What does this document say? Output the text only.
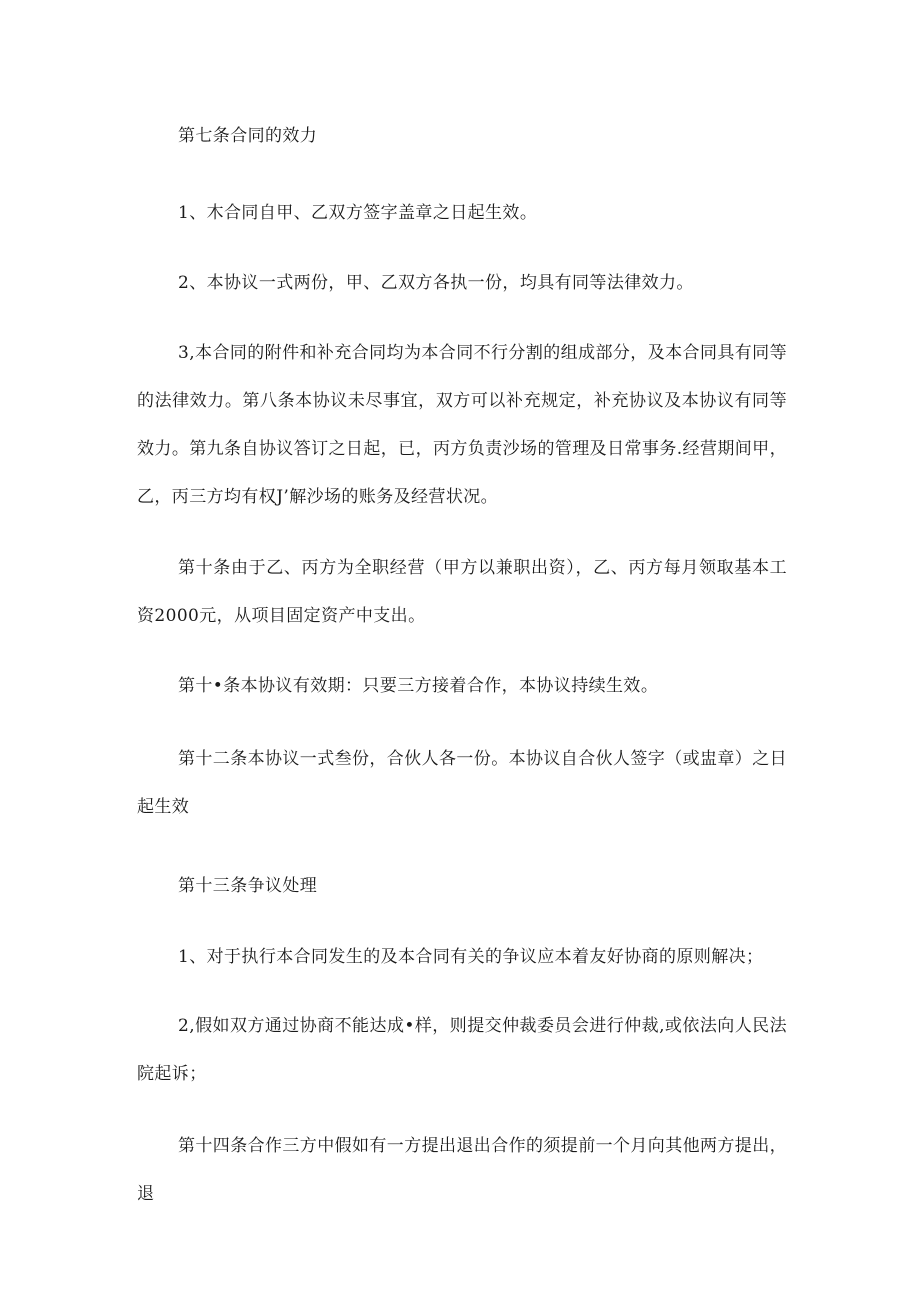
第七条合同的效力

1、木合同自甲、乙双方签字盖章之日起生效。

2、本协议一式两份，甲、乙双方各执一份，均具有同等法律效力。

3,本合同的附件和补充合同均为本合同不行分割的组成部分，及本合同具有同等的法律效力。第八条本协议未尽事宜，双方可以补充规定，补充协议及本协议有同等效力。第九条自协议答订之日起，已，丙方负责沙场的管理及日常事务.经营期间甲，乙，丙三方均有权J’解沙场的账务及经营状况。

第十条由于乙、丙方为全职经营（甲方以兼职出资），乙、丙方每月领取基本工资2000元，从项目固定资产中支出。

第十•条本协议有效期：只要三方接着合作，本协议持续生效。

第十二条本协议一式叁份，合伙人各一份。本协议自合伙人签字（或盅章）之日起生效

第十三条争议处理

1、对于执行本合同发生的及本合同有关的争议应本着友好协商的原则解决；

2,假如双方通过协商不能达成•样，则提交仲裁委员会进行仲裁,或依法向人民法院起诉；

第十四条合作三方中假如有一方提出退出合作的须提前一个月向其他两方提出，退
